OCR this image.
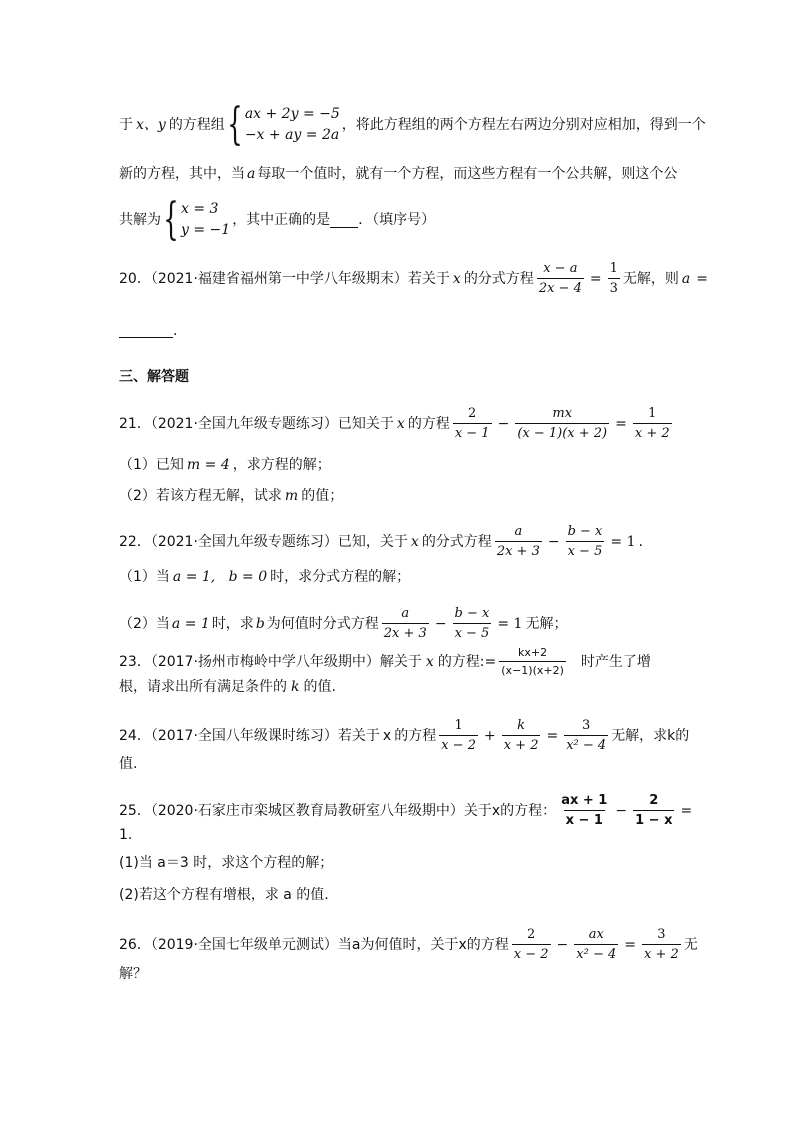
于 x、y 的方程组 { ax + 2y = −5
−x + ay = 2a
，将此方程组的两个方程左右两边分别对应相加，得到一个
新的方程，其中，当 a 每取一个值时，就有一个方程，而这些方程有一个公共解，则这个公
共解为 { x = 3
y = −1
，其中正确的是 ．（填序号）
20．（2021·福建省福州第一中学八年级期末）若关于 x 的分式方程 $\frac{x - a}{2x - 4} = \frac{1}{3}$ 无解，则 a =
.
三、解答题
21．（2021·全国九年级专题练习）已知关于 x 的方程 $\frac{2}{x - 1} - \frac{mx}{(x - 1)(x + 2)} = \frac{1}{x + 2}$
（1）已知 m = 4 ，求方程的解；
（2）若该方程无解，试求 m 的值；
22．（2021·全国九年级专题练习）已知，关于 x 的分式方程 $\frac{a}{2x + 3} - \frac{b - x}{x - 5} = 1$ .
（1）当 a = 1,   b = 0 时，求分式方程的解；
（2）当 a = 1 时，求 b 为何值时分式方程 $\frac{a}{2x + 3} - \frac{b - x}{x - 5} = 1$ 无解；
23．（2017·扬州市梅岭中学八年级期中）解关于 x 的方程:= $\frac{kx+2}{(x-1)(x+2)}$ 时产生了增
根，请求出所有满足条件的 k 的值.
24．（2017·全国八年级课时练习）若关于 x 的方程 $\frac{1}{x - 2} + \frac{k}{x + 2} = \frac{3}{\text{x² − 4}}$ 无解，求k的
值.
25．（2020·石家庄市栾城区教育局教研室八年级期中）关于x的方程： $\frac{ax + 1}{x - 1} - \frac{2}{1 - x}$ =
1.
(1)当 a＝3 时，求这个方程的解；
(2)若这个方程有增根，求 a 的值.
26．（2019·全国七年级单元测试）当a为何值时，关于x的方程 $\frac{2}{x - 2} - \frac{ax}{\text{x² − 4}} = \frac{3}{x + 2}$ 无
解？
